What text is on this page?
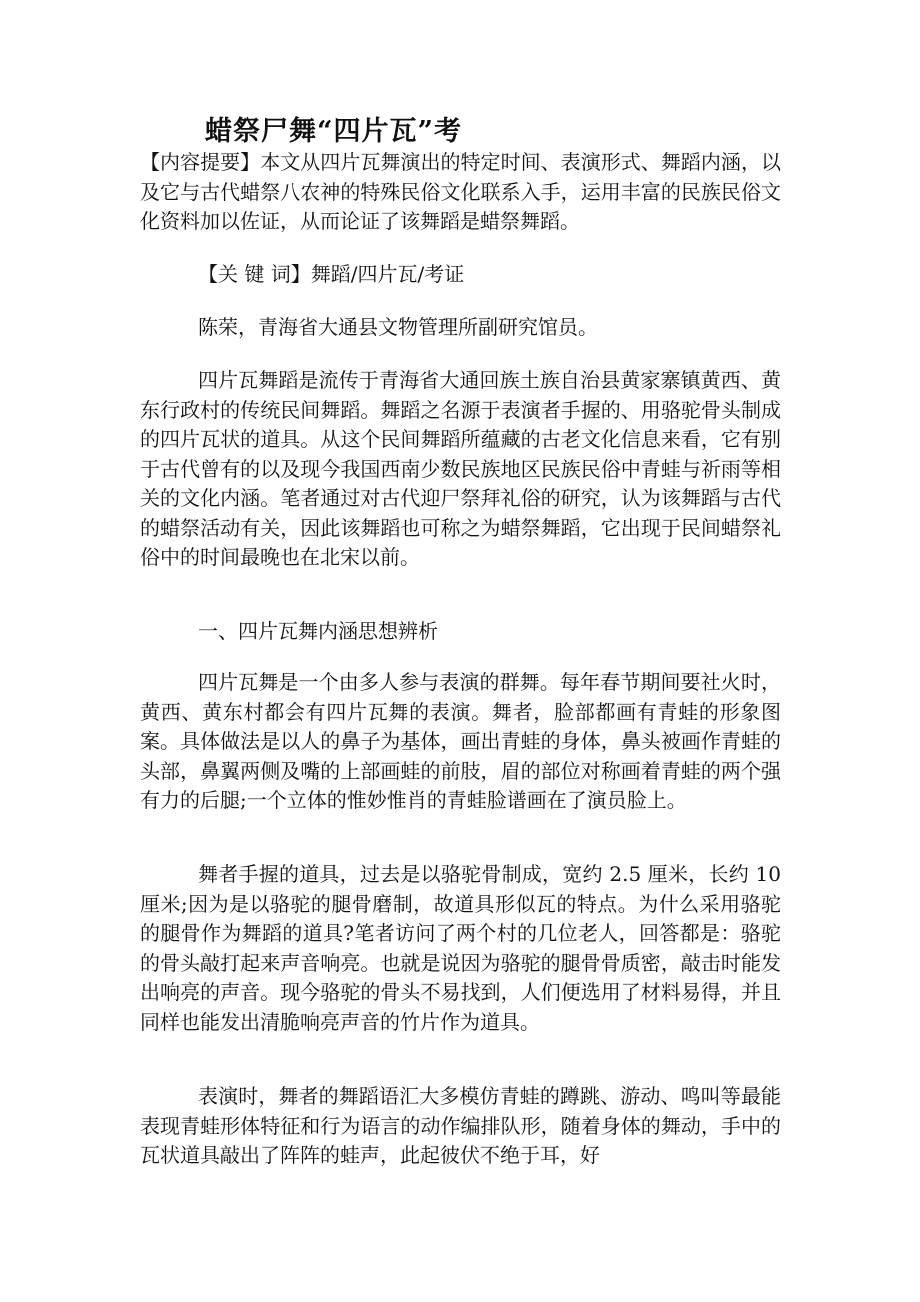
蜡祭尸舞“四片瓦”考

【内容提要】本文从四片瓦舞演出的特定时间、表演形式、舞蹈内涵，以及它与古代蜡祭八农神的特殊民俗文化联系入手，运用丰富的民族民俗文化资料加以佐证，从而论证了该舞蹈是蜡祭舞蹈。

【关 键 词】舞蹈/四片瓦/考证

陈荣，青海省大通县文物管理所副研究馆员。

四片瓦舞蹈是流传于青海省大通回族土族自治县黄家寨镇黄西、黄东行政村的传统民间舞蹈。舞蹈之名源于表演者手握的、用骆驼骨头制成的四片瓦状的道具。从这个民间舞蹈所蕴藏的古老文化信息来看，它有别于古代曾有的以及现今我国西南少数民族地区民族民俗中青蛙与祈雨等相关的文化内涵。笔者通过对古代迎尸祭拜礼俗的研究，认为该舞蹈与古代的蜡祭活动有关，因此该舞蹈也可称之为蜡祭舞蹈，它出现于民间蜡祭礼俗中的时间最晚也在北宋以前。

一、四片瓦舞内涵思想辨析

四片瓦舞是一个由多人参与表演的群舞。每年春节期间要社火时，黄西、黄东村都会有四片瓦舞的表演。舞者，脸部都画有青蛙的形象图案。具体做法是以人的鼻子为基体，画出青蛙的身体，鼻头被画作青蛙的头部，鼻翼两侧及嘴的上部画蛙的前肢，眉的部位对称画着青蛙的两个强有力的后腿;一个立体的惟妙惟肖的青蛙脸谱画在了演员脸上。

舞者手握的道具，过去是以骆驼骨制成，宽约 2.5 厘米，长约 10 厘米;因为是以骆驼的腿骨磨制，故道具形似瓦的特点。为什么采用骆驼的腿骨作为舞蹈的道具?笔者访问了两个村的几位老人，回答都是：骆驼的骨头敲打起来声音响亮。也就是说因为骆驼的腿骨骨质密，敲击时能发出响亮的声音。现今骆驼的骨头不易找到，人们便选用了材料易得，并且同样也能发出清脆响亮声音的竹片作为道具。

表演时，舞者的舞蹈语汇大多模仿青蛙的蹲跳、游动、鸣叫等最能表现青蛙形体特征和行为语言的动作编排队形，随着身体的舞动，手中的瓦状道具敲出了阵阵的蛙声，此起彼伏不绝于耳，好
